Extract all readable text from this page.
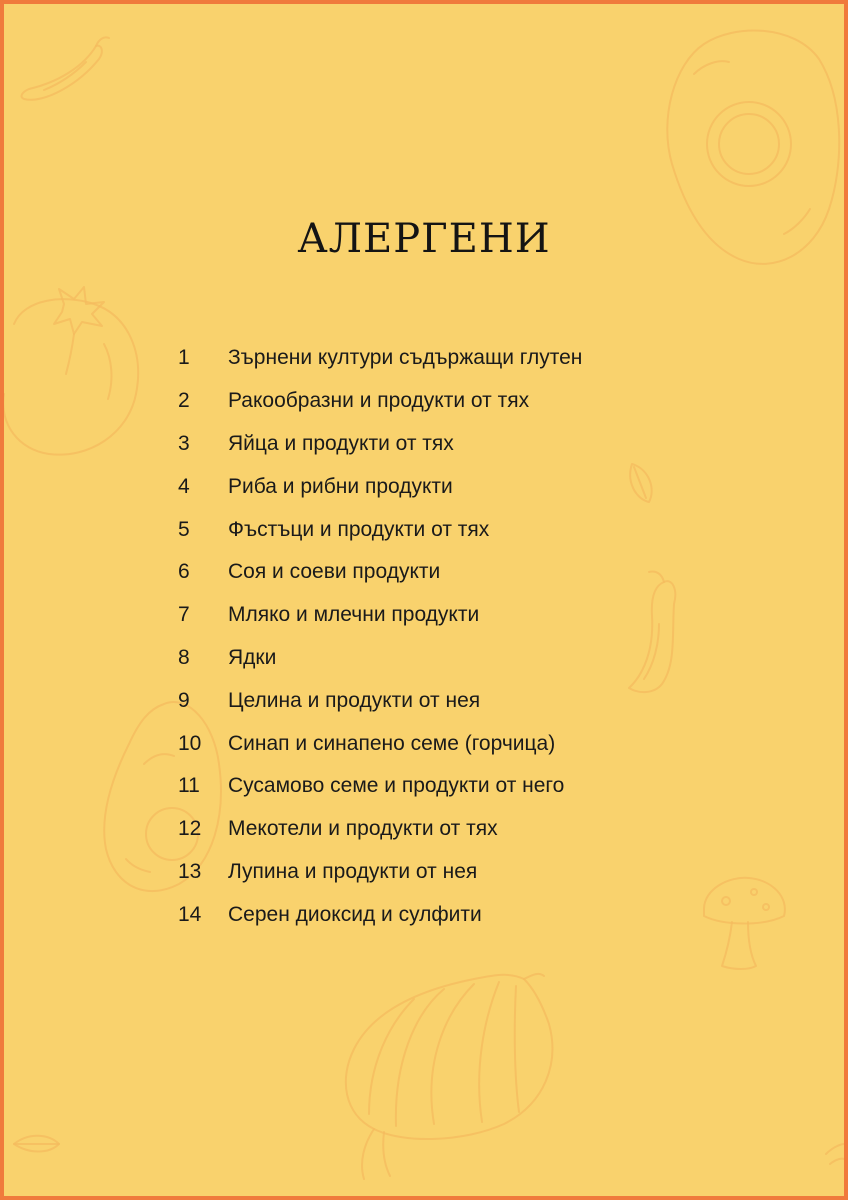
АЛЕРГЕНИ
1	Зърнени култури съдържащи глутен
2	Ракообразни и продукти от тях
3	Яйца и продукти от тях
4	Риба и рибни продукти
5	Фъстъци и продукти от тях
6	Соя и соеви продукти
7	Мляко и млечни продукти
8	Ядки
9	Целина и продукти от нея
10	Синап и синапено семе (горчица)
11	Сусамово семе и продукти от него
12	Мекотели и продукти от тях
13	Лупина и продукти от нея
14	Серен диоксид и сулфити
